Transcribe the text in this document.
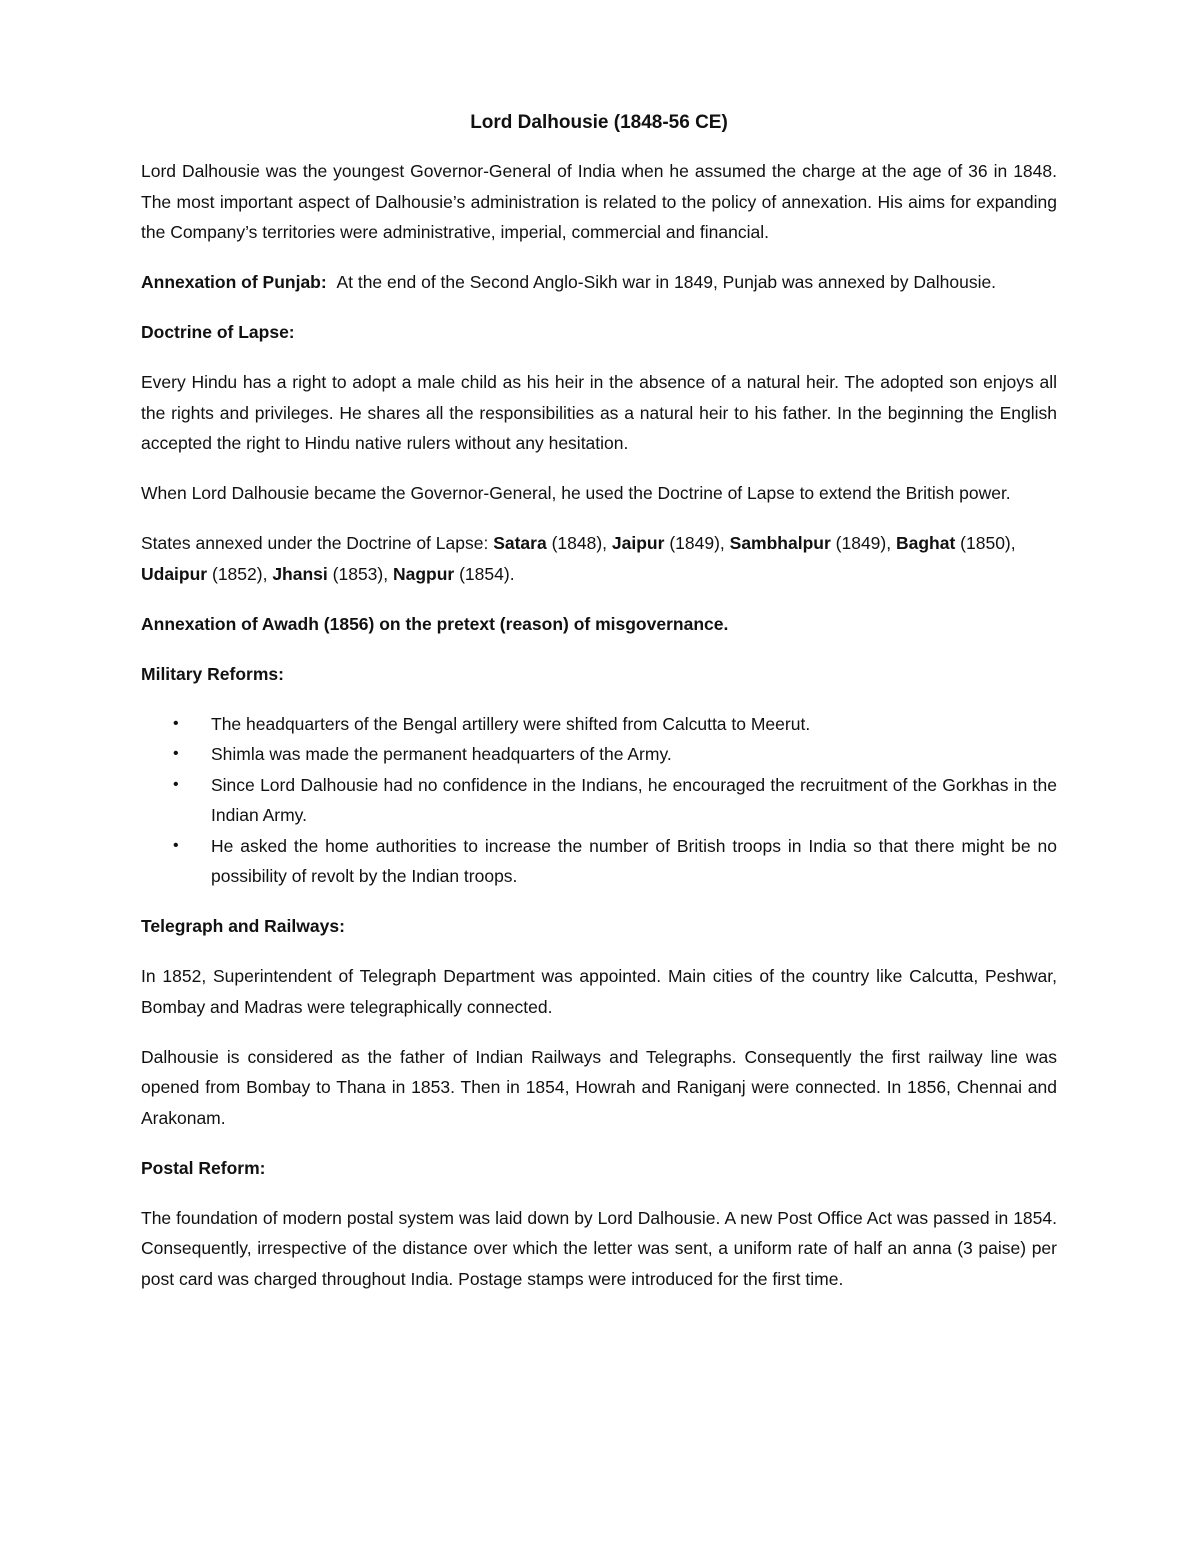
Lord Dalhousie (1848-56 CE)

Lord Dalhousie was the youngest Governor-General of India when he assumed the charge at the age of 36 in 1848. The most important aspect of Dalhousie’s administration is related to the policy of annexation. His aims for expanding the Company’s territories were administrative, imperial, commercial and financial.

Annexation of Punjab: At the end of the Second Anglo-Sikh war in 1849, Punjab was annexed by Dalhousie.

Doctrine of Lapse:

Every Hindu has a right to adopt a male child as his heir in the absence of a natural heir. The adopted son enjoys all the rights and privileges. He shares all the responsibilities as a natural heir to his father. In the beginning the English accepted the right to Hindu native rulers without any hesitation.

When Lord Dalhousie became the Governor-General, he used the Doctrine of Lapse to extend the British power.

States annexed under the Doctrine of Lapse: Satara (1848), Jaipur (1849), Sambhalpur (1849), Baghat (1850), Udaipur (1852), Jhansi (1853), Nagpur (1854).

Annexation of Awadh (1856) on the pretext (reason) of misgovernance.

Military Reforms:

• The headquarters of the Bengal artillery were shifted from Calcutta to Meerut.
• Shimla was made the permanent headquarters of the Army.
• Since Lord Dalhousie had no confidence in the Indians, he encouraged the recruitment of the Gorkhas in the Indian Army.
• He asked the home authorities to increase the number of British troops in India so that there might be no possibility of revolt by the Indian troops.

Telegraph and Railways:

In 1852, Superintendent of Telegraph Department was appointed. Main cities of the country like Calcutta, Peshwar, Bombay and Madras were telegraphically connected.

Dalhousie is considered as the father of Indian Railways and Telegraphs. Consequently the first railway line was opened from Bombay to Thana in 1853. Then in 1854, Howrah and Raniganj were connected. In 1856, Chennai and Arakonam.

Postal Reform:

The foundation of modern postal system was laid down by Lord Dalhousie. A new Post Office Act was passed in 1854. Consequently, irrespective of the distance over which the letter was sent, a uniform rate of half an anna (3 paise) per post card was charged throughout India. Postage stamps were introduced for the first time.
